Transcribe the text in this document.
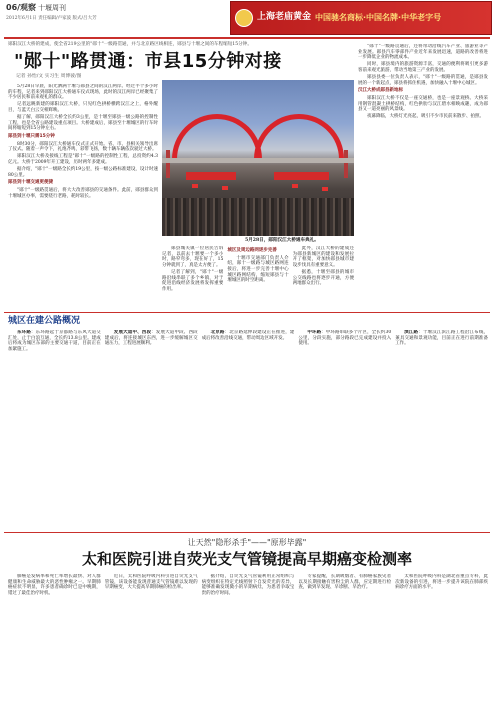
06/观察 十堰周刊
2012年6月1日 责任编辑/卢家波 版式/吕大芳	上海老庙黄金 中国驰名商标·中国名牌·中华老字号
郧阳汉江大桥的建成，使全省219公里的"郧十"一级路贯通，并与北京路区线相连，郧县与十堰之间的车程缩短15分钟。
"郧十"路贯通：市县15分钟对接
记者 孙怡/文 实习生 周博彼/图

5月28日早晨，阳光洒满十堰与郧县之间的汉江两岸。经过半个多小时的车程，记者来到郧阳汉江大桥通车仪式现场，此时的汉江两岸已经聚集了不少居民和前来观礼的群众。

记者远眺新建的郧阳汉江大桥，只见红色拱桥横跨汉江之上，格外醒目，与蓝天白云交相辉映。

据了解，郧阳汉江大桥全长约3公里，是十堰至郧县一级公路的控制性工程，也是全省公路建设重点项目。大桥建成后，郧县至十堰城区的行车时间将缩短到15分钟左右。

郧县到十堰只需15分钟

8时30分，郧阳汉江大桥通车仪式正式开始。省、市、县相关领导出席了仪式。随着一声令下，礼炮齐鸣，彩带飞扬，数十辆车辆依次驶过大桥。

郧阳汉江大桥及接线工程是"郧十"一级路的控制性工程，总投资约4.3亿元。大桥于2009年开工建设，历时两年多建成。

据介绍，"郧十"一级路全长约19公里，按一级公路标准建设，设计时速80公里。

郧县到十堰交通更便捷

"郧十"一级路贯通后，将大大改善郧县的交通条件。此前，郧县群众到十堰城区办事，需要绕行老路，耗时较长。

5月28日，郧阳汉江大桥通车典礼。

郧县城关镇一位居民告诉记者，以前去十堰要一个多小时，路窄弯多，现在好了，15分钟就到了，真是太方便了。

记者了解到，"郧十"一级路沿线串联了多个乡镇，对于促进沿线经济发展将发挥重要作用。

城区及周边路网逐步完善

十堰市交通部门负责人介绍，郧十一级路与城区路网连接后，将进一步完善十堰中心城区路网结构，缩短郧县与十堰城区的时空距离。

此外，汉江大桥的建成还为郧县新城区的建设和发展拉开了框架，对加快郧县城市建设步伐具有重要意义。

据悉，十堰至郧县的城市公交线路也将逐步开通，方便两地群众出行。

"郧十"一级路贯通后，还将带动沿线汽车产业、旅游业等产业发展。郧县汽车零部件产业近年来发展迅速，道路的改善将进一步降低企业的物流成本。

同时，郧县境内的旅游资源丰富，交通的便利将吸引更多游客前来观光旅游，带动当地第三产业的发展。

郧县县委一位负责人表示，"郧十"一级路的贯通，是郧县发展的一个新起点，郧县将抓住机遇，加快融入十堰中心城区。

汉江大桥成郧县新地标

郧阳汉江大桥不仅是一座交通桥，也是一座景观桥。大桥采用钢管混凝土拱桥结构，红色拱肋与汉江碧水相映成趣，成为郧县又一道亮丽的风景线。

夜幕降临，大桥灯光亮起，吸引不少市民前来散步、拍照。

城区在建公路概况

东环路：东环路起于京都路与东风大道交汇处，止于白浪互通，全长约13.8公里。建成后将成为城区东部的主要交通干道，目前正在加紧施工。

发展大道中、西段：发展大道中段、西段建成后，将连接城区东西，进一步缓解城区交通压力，工程进展顺利。

北京路：北京路延伸段建设正在推进，建成后将改善沿线交通，带动周边区域开发。

中环路：中环路串联多个片区，全长约30公里，分段实施，部分路段已完成建设并投入使用。

滨江路：十堰汉江滨江路工程沿江布线，兼具交通和景观功能，目前正在进行前期准备工作。

让天然"隐形杀手"——"原形毕露"
太和医院引进自荧光支气管镜提高早期癌变检测率

肺癌是发病率和死亡率增长最快、对人群健康和生命威胁最大的恶性肿瘤之一。早期肺癌症状不明显，许多患者确诊时已是中晚期，错过了最佳治疗时机。

近日，太和医院呼吸内科引进自荧光支气管镜，该设备能发现普通支气管镜难以发现的早期癌变，大大提高早期肺癌的检出率。

据介绍，自荧光支气管镜利用正常组织与病变组织在特定光线照射下自发荧光的差异，能够准确发现微小的早期病灶，为患者争取宝贵的治疗时间。

专家提醒，长期吸烟者、有肺癌家族史者以及长期接触有害粉尘的人群，应定期进行检查，做到早发现、早诊断、早治疗。

太和医院呼吸内科是湖北省重点专科，此次新设备的引进，将进一步提升该院在肺部疾病诊疗方面的水平。
